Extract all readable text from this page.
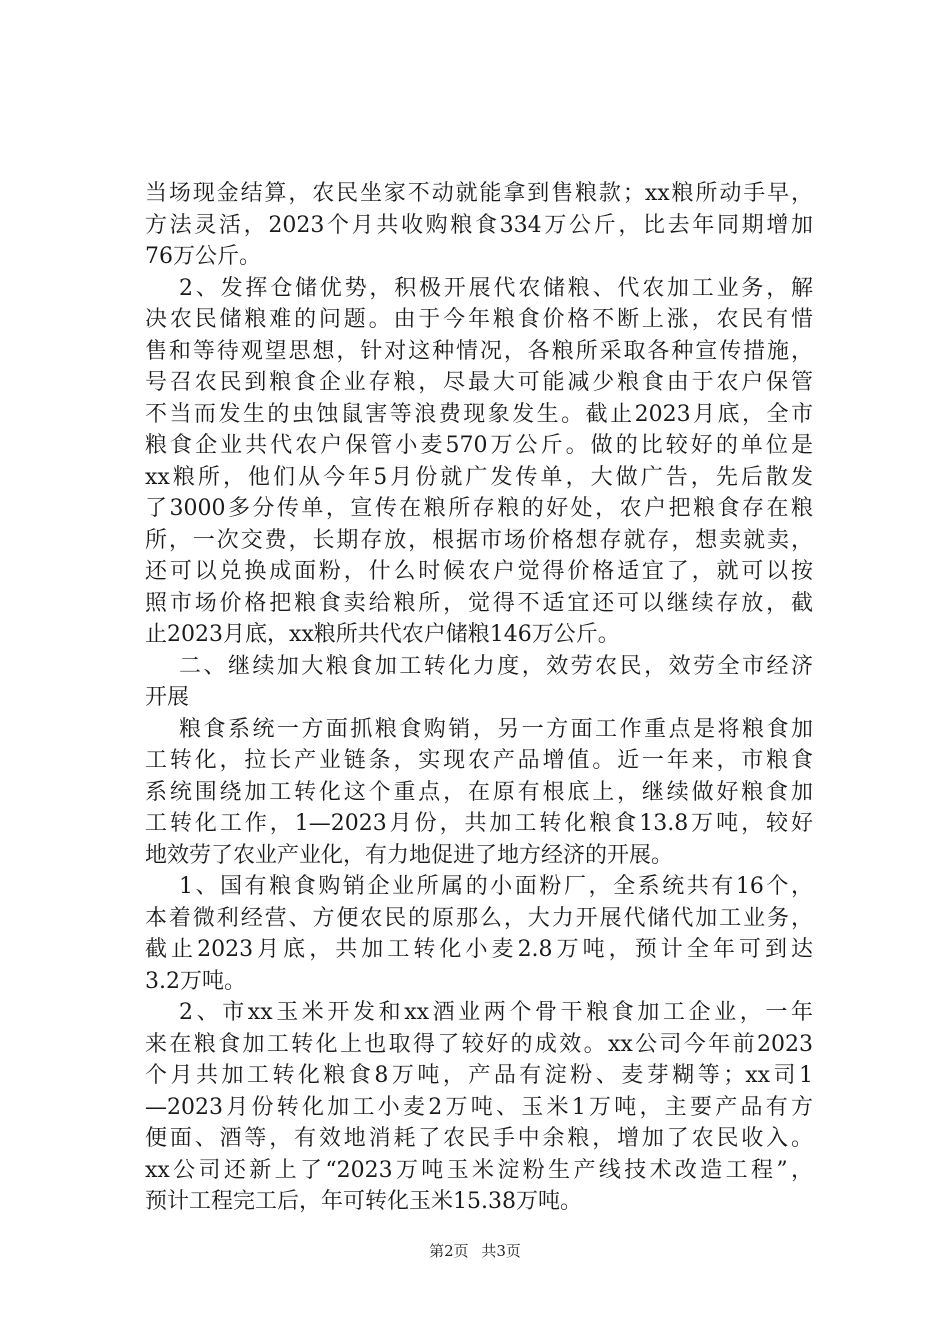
当场现金结算，农民坐家不动就能拿到售粮款；xx粮所动手早，
方法灵活，2023个月共收购粮食334万公斤，比去年同期增加
76万公斤。
2、发挥仓储优势，积极开展代农储粮、代农加工业务，解
决农民储粮难的问题。由于今年粮食价格不断上涨，农民有惜
售和等待观望思想，针对这种情况，各粮所采取各种宣传措施，
号召农民到粮食企业存粮，尽最大可能减少粮食由于农户保管
不当而发生的虫蚀鼠害等浪费现象发生。截止2023月底，全市
粮食企业共代农户保管小麦570万公斤。做的比较好的单位是
xx粮所，他们从今年5月份就广发传单，大做广告，先后散发
了3000多分传单，宣传在粮所存粮的好处，农户把粮食存在粮
所，一次交费，长期存放，根据市场价格想存就存，想卖就卖，
还可以兑换成面粉，什么时候农户觉得价格适宜了，就可以按
照市场价格把粮食卖给粮所，觉得不适宜还可以继续存放，截
止2023月底，xx粮所共代农户储粮146万公斤。
二、继续加大粮食加工转化力度，效劳农民，效劳全市经济
开展
粮食系统一方面抓粮食购销，另一方面工作重点是将粮食加
工转化，拉长产业链条，实现农产品增值。近一年来，市粮食
系统围绕加工转化这个重点，在原有根底上，继续做好粮食加
工转化工作，1—2023月份，共加工转化粮食13.8万吨，较好
地效劳了农业产业化，有力地促进了地方经济的开展。
1、国有粮食购销企业所属的小面粉厂，全系统共有16个，
本着微利经营、方便农民的原那么，大力开展代储代加工业务，
截止2023月底，共加工转化小麦2.8万吨，预计全年可到达
3.2万吨。
2、市xx玉米开发和xx酒业两个骨干粮食加工企业，一年
来在粮食加工转化上也取得了较好的成效。xx公司今年前2023
个月共加工转化粮食8万吨，产品有淀粉、麦芽糊等；xx司1
—2023月份转化加工小麦2万吨、玉米1万吨，主要产品有方
便面、酒等，有效地消耗了农民手中余粮，增加了农民收入。
xx公司还新上了“2023万吨玉米淀粉生产线技术改造工程”，
预计工程完工后，年可转化玉米15.38万吨。
第2页 共3页
